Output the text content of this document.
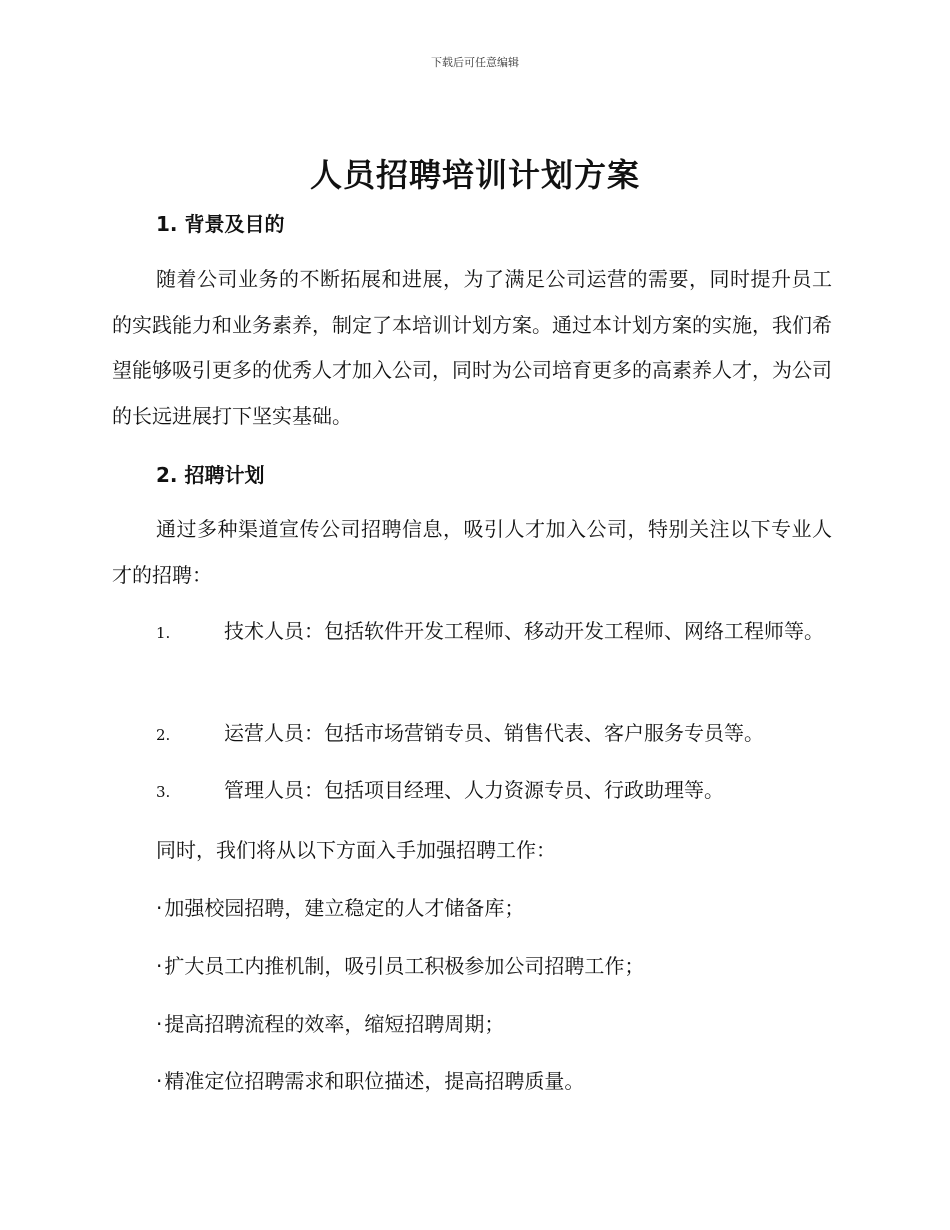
下载后可任意编辑

人员招聘培训计划方案
1. 背景及目的

随着公司业务的不断拓展和进展，为了满足公司运营的需要，同时提升员工的实践能力和业务素养，制定了本培训计划方案。通过本计划方案的实施，我们希望能够吸引更多的优秀人才加入公司，同时为公司培育更多的高素养人才，为公司的长远进展打下坚实基础。

2. 招聘计划

通过多种渠道宣传公司招聘信息，吸引人才加入公司，特别关注以下专业人才的招聘：

1.	技术人员：包括软件开发工程师、移动开发工程师、网络工程师等。

2.	运营人员：包括市场营销专员、销售代表、客户服务专员等。

3.	管理人员：包括项目经理、人力资源专员、行政助理等。

同时，我们将从以下方面入手加强招聘工作：

· 加强校园招聘，建立稳定的人才储备库；

· 扩大员工内推机制，吸引员工积极参加公司招聘工作；

· 提高招聘流程的效率，缩短招聘周期；

· 精准定位招聘需求和职位描述，提高招聘质量。
